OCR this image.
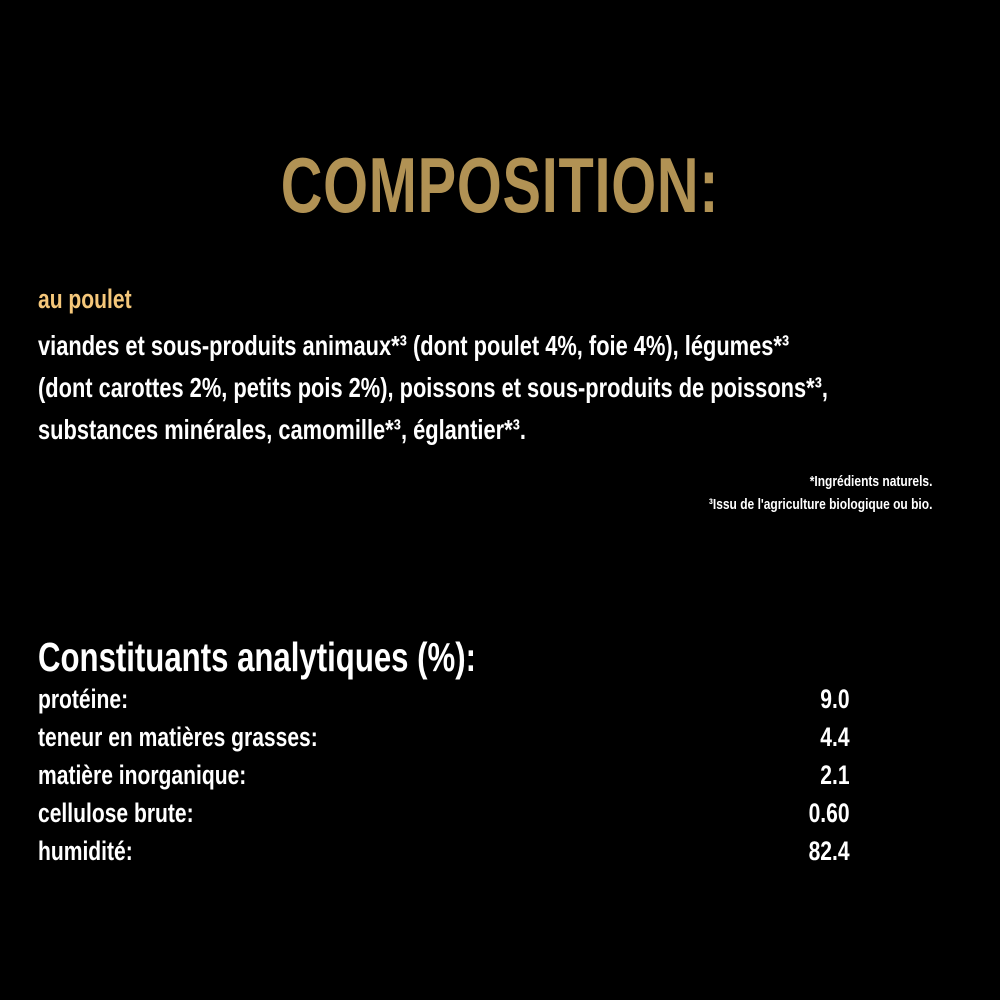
COMPOSITION:
au poulet
viandes et sous-produits animaux*³ (dont poulet 4%, foie 4%), légumes*³
(dont carottes 2%, petits pois 2%), poissons et sous-produits de poissons*³,
substances minérales, camomille*³, églantier*³.
*Ingrédients naturels.
³Issu de l'agriculture biologique ou bio.
Constituants analytiques (%):
protéine:	9.0
teneur en matières grasses:	4.4
matière inorganique:	2.1
cellulose brute:	0.60
humidité:	82.4
